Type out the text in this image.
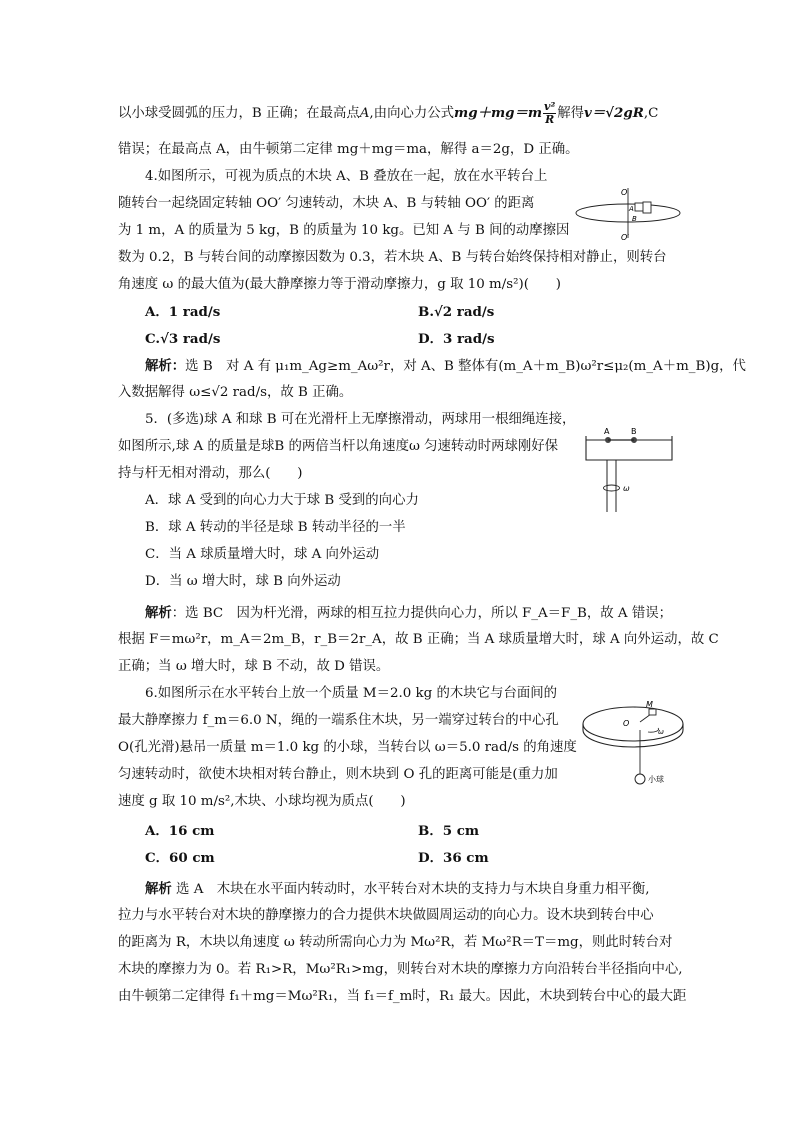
以小球受圆弧的压力，B 正确；在最高点A,由向心力公式$mg+mg=m \frac{\text{v²}}{R}$ 解得v＝√2gR,C
错误；在最高点 A，由牛顿第二定律 mg＋mg＝ma，解得 a＝2g，D 正确。
4.如图所示，可视为质点的木块 A、B 叠放在一起，放在水平转台上
随转台一起绕固定转轴 OO′ 匀速转动，木块 A、B 与转轴 OO′ 的距离
为 1 m，A 的质量为 5 kg，B 的质量为 10 kg。已知 A 与 B 间的动摩擦因
数为 0.2，B 与转台间的动摩擦因数为 0.3，若木块 A、B 与转台始终保持相对静止，则转台
角速度 ω 的最大值为(最大静摩擦力等于滑动摩擦力，g 取 10 m/s²)(　　)
A．1 rad/s	B.√2 rad/s
C.√3 rad/s	D．3 rad/s
解析：选 B　对 A 有 μ₁m_Ag≥m_Aω²r，对 A、B 整体有(m_A＋m_B)ω²r≤μ₂(m_A＋m_B)g，代
入数据解得 ω≤√2 rad/s，故 B 正确。
O
O′
A
B
5．(多选)球 A 和球 B 可在光滑杆上无摩擦滑动，两球用一根细绳连接，
如图所示,球 A 的质量是球B 的两倍当杆以角速度ω 匀速转动时两球刚好保
持与杆无相对滑动，那么(　　)
A．球 A 受到的向心力大于球 B 受到的向心力
B．球 A 转动的半径是球 B 转动半径的一半
C．当 A 球质量增大时，球 A 向外运动
D．当 ω 增大时，球 B 向外运动
解析：选 BC　因为杆光滑，两球的相互拉力提供向心力，所以 F_A＝F_B，故 A 错误；
根据 F＝mω²r，m_A＝2m_B，r_B＝2r_A，故 B 正确；当 A 球质量增大时，球 A 向外运动，故 C
正确；当 ω 增大时，球 B 不动，故 D 错误。
A	B
ω
6.如图所示在水平转台上放一个质量 M＝2.0 kg 的木块它与台面间的
最大静摩擦力 f_m＝6.0 N，绳的一端系住木块，另一端穿过转台的中心孔
O(孔光滑)悬吊一质量 m＝1.0 kg 的小球，当转台以 ω＝5.0 rad/s 的角速度
匀速转动时，欲使木块相对转台静止，则木块到 O 孔的距离可能是(重力加
速度 g 取 10 m/s²,木块、小球均视为质点(　　)
A．16 cm	B．5 cm
C．60 cm	D．36 cm
解析 选 A　木块在水平面内转动时，水平转台对木块的支持力与木块自身重力相平衡,
拉力与水平转台对木块的静摩擦力的合力提供木块做圆周运动的向心力。设木块到转台中心
的距离为 R，木块以角速度 ω 转动所需向心力为 Mω²R，若 Mω²R＝T＝mg，则此时转台对
木块的摩擦力为 0。若 R₁>R，Mω²R₁>mg，则转台对木块的摩擦力方向沿转台半径指向中心,
由牛顿第二定律得 f₁＋mg＝Mω²R₁，当 f₁＝f_m时，R₁ 最大。因此，木块到转台中心的最大距
O
M
ω
小球
